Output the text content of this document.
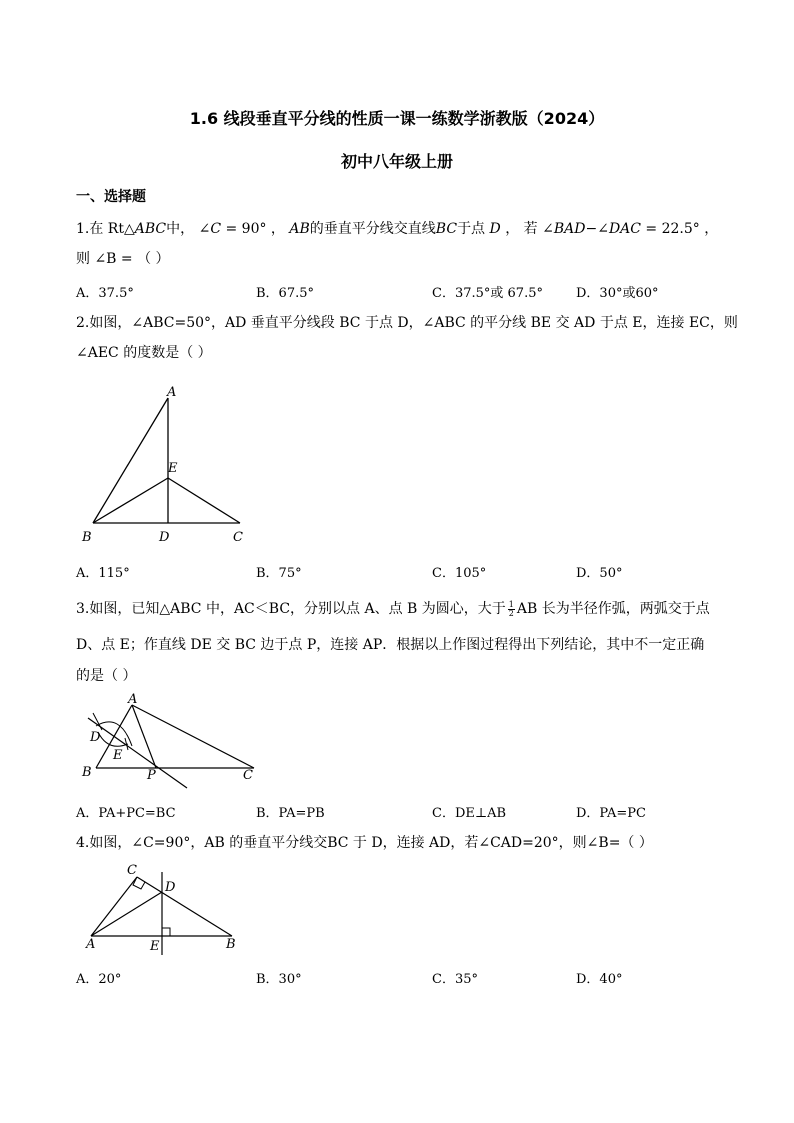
1.6 线段垂直平分线的性质一课一练数学浙教版（2024）
初中八年级上册
一、选择题
1.在 Rt△ABC中， ∠C = 90° ， AB的垂直平分线交直线BC于点 D ， 若 ∠BAD−∠DAC = 22.5° ，
则 ∠B = （ ）
A．37.5°	B．67.5°	C．37.5°或 67.5°	D．30°或60°
2.如图，∠ABC=50°，AD 垂直平分线段 BC 于点 D，∠ABC 的平分线 BE 交 AD 于点 E，连接 EC，则
∠AEC 的度数是（ ）
A
E
B	D	C
A．115°	B．75°	C．105°	D．50°
3.如图，已知△ABC 中，AC＜BC，分别以点 A、点 B 为圆心，大于 $\frac{1}{2}$ AB 长为半径作弧，两弧交于点
D、点 E；作直线 DE 交 BC 边于点 P，连接 AP．根据以上作图过程得出下列结论，其中不一定正确
的是（ ）
A
D
E
B	P	C
A．PA+PC=BC	B．PA=PB	C．DE⊥AB	D．PA=PC
4.如图，∠C=90°，AB 的垂直平分线交BC 于 D，连接 AD，若∠CAD=20°，则∠B=（ ）
C
D
A	E	B
A．20°	B．30°	C．35°	D．40°
